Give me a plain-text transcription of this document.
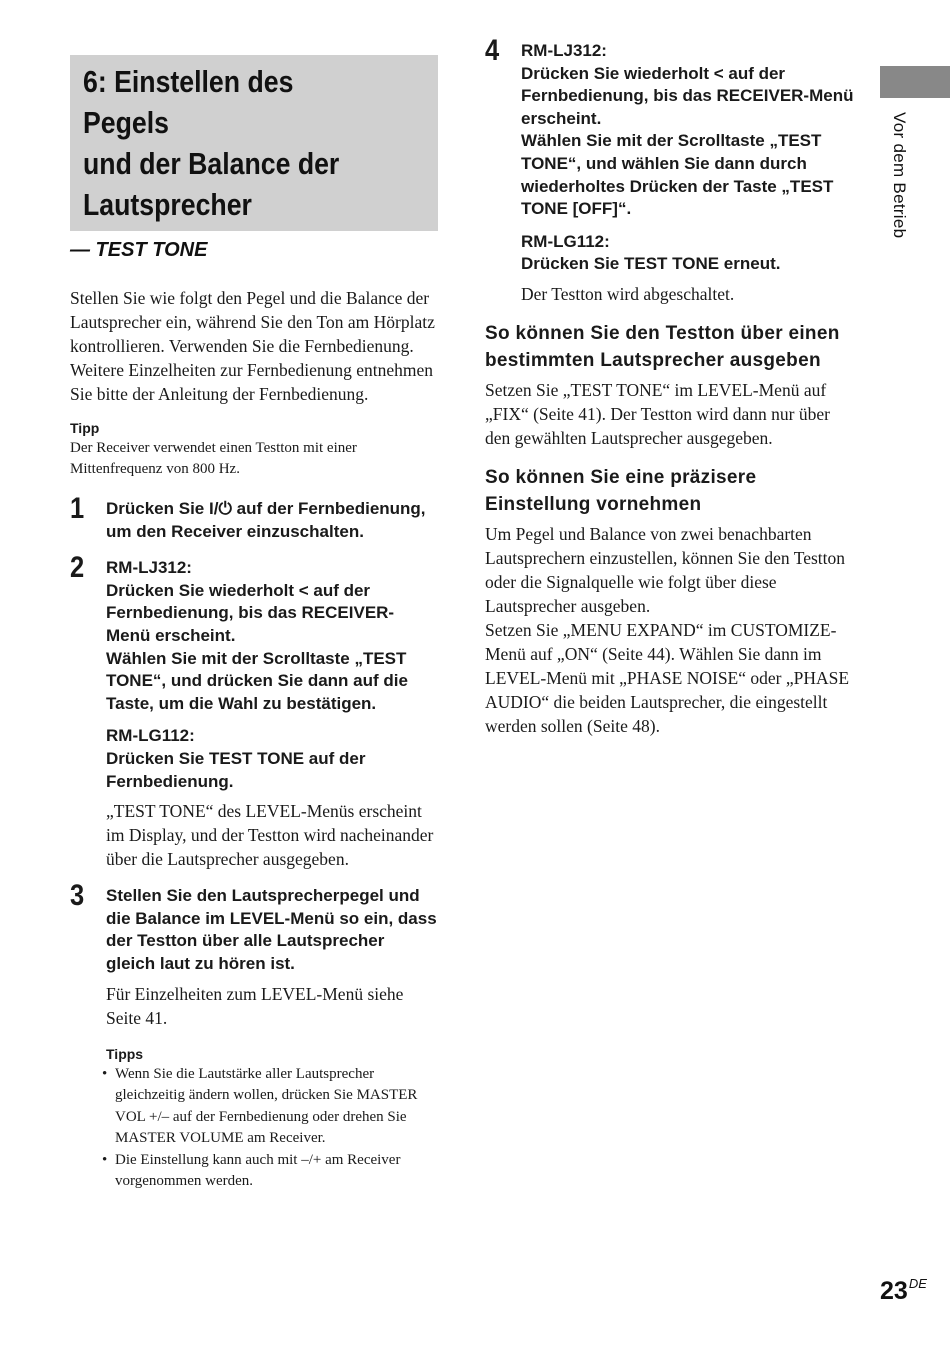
Vor dem Betrieb
6: Einstellen des Pegels
und der Balance der
Lautsprecher

— TEST TONE

Stellen Sie wie folgt den Pegel und die Balance der Lautsprecher ein, während Sie den Ton am Hörplatz kontrollieren. Verwenden Sie die Fernbedienung.

Weitere Einzelheiten zur Fernbedienung entnehmen Sie bitte der Anleitung der Fernbedienung.

Tipp

Der Receiver verwendet einen Testton mit einer Mittenfrequenz von 800 Hz.

1 Drücken Sie I/⏻ auf der Fernbedienung, um den Receiver einzuschalten.

2 RM-LJ312:

Drücken Sie wiederholt < auf der Fernbedienung, bis das RECEIVER-Menü erscheint.
Wählen Sie mit der Scrolltaste „TEST TONE“, und drücken Sie dann auf die Taste, um die Wahl zu bestätigen.

RM-LG112:

Drücken Sie TEST TONE auf der Fernbedienung.

„TEST TONE“ des LEVEL-Menüs erscheint im Display, und der Testton wird nacheinander über die Lautsprecher ausgegeben.

3 Stellen Sie den Lautsprecherpegel und die Balance im LEVEL-Menü so ein, dass der Testton über alle Lautsprecher gleich laut zu hören ist.

Für Einzelheiten zum LEVEL-Menü siehe Seite 41.

Tipps

• Wenn Sie die Lautstärke aller Lautsprecher gleichzeitig ändern wollen, drücken Sie MASTER VOL +/– auf der Fernbedienung oder drehen Sie MASTER VOLUME am Receiver.
• Die Einstellung kann auch mit –/+ am Receiver vorgenommen werden.
4 RM-LJ312:

Drücken Sie wiederholt < auf der Fernbedienung, bis das RECEIVER-Menü erscheint.
Wählen Sie mit der Scrolltaste „TEST TONE“, und wählen Sie dann durch wiederholtes Drücken der Taste „TEST TONE [OFF]“.

RM-LG112:

Drücken Sie TEST TONE erneut.

Der Testton wird abgeschaltet.

So können Sie den Testton über einen bestimmten Lautsprecher ausgeben

Setzen Sie „TEST TONE“ im LEVEL-Menü auf „FIX“ (Seite 41). Der Testton wird dann nur über den gewählten Lautsprecher ausgegeben.

So können Sie eine präzisere Einstellung vornehmen

Um Pegel und Balance von zwei benachbarten Lautsprechern einzustellen, können Sie den Testton oder die Signalquelle wie folgt über diese Lautsprecher ausgeben.

Setzen Sie „MENU EXPAND“ im CUSTOMIZE-Menü auf „ON“ (Seite 44). Wählen Sie dann im LEVEL-Menü mit „PHASE NOISE“ oder „PHASE AUDIO“ die beiden Lautsprecher, die eingestellt werden sollen (Seite 48).

23DE
